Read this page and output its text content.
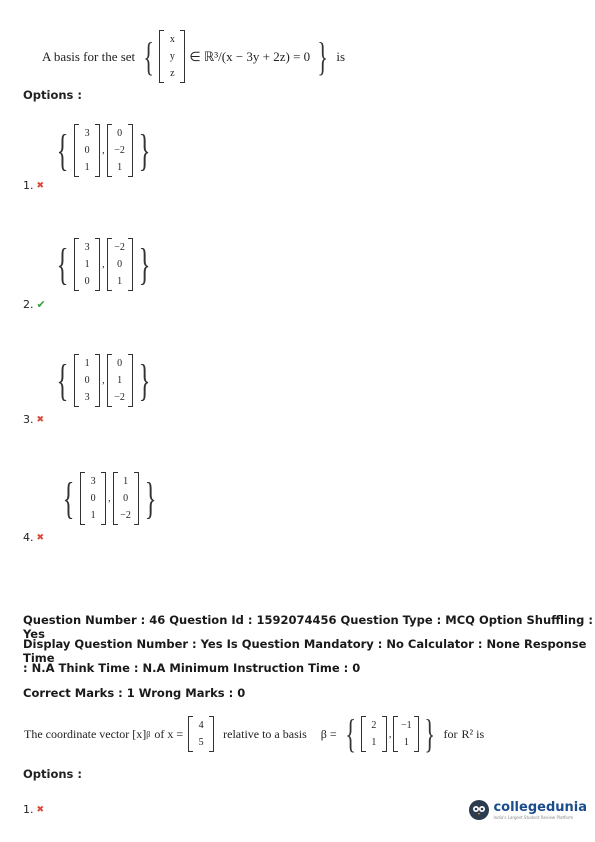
A basis for the set {	x
y
z
∈ ℝ³/(x − 3y + 2z) = 0 } is
Options :
{	3
0
1
,
0
−2
1 }
1. ✖
{	3
1
0
,
−2
0
1 }
2. ✔
{	1
0
3
,
0
1
−2 }
3. ✖
{	3
0
1
,
1
0
−2 }
4. ✖
Question Number : 46 Question Id : 1592074456 Question Type : MCQ Option Shuffling : Yes
Display Question Number : Yes Is Question Mandatory : No Calculator : None Response Time
: N.A Think Time : N.A Minimum Instruction Time : 0
Correct Marks : 1 Wrong Marks : 0
The coordinate vector [x] β of x =
4
5
relative to a basis β = {	2
1
,
−1
1 } for R² is
Options :
1. ✖	collegedunia
India's Largest Student Review Platform
